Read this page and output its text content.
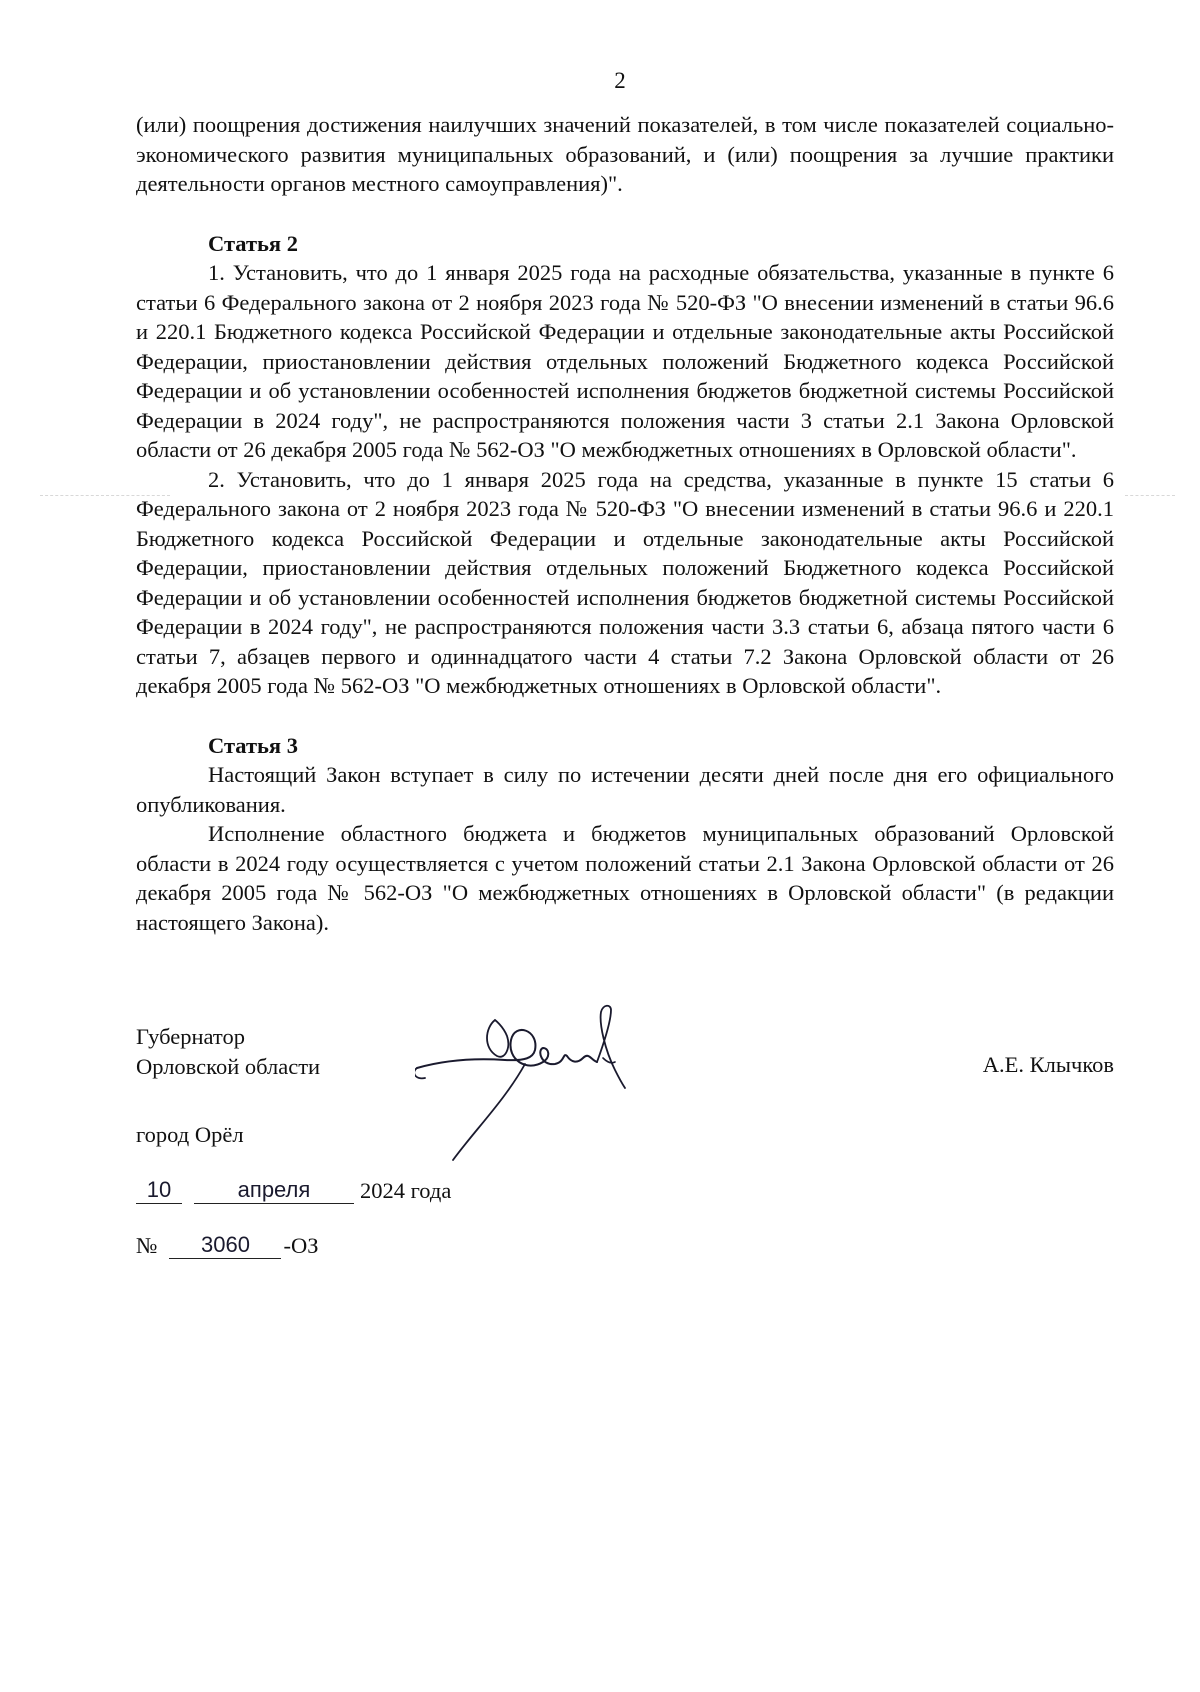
2

(или) поощрения достижения наилучших значений показателей, в том числе показателей социально-экономического развития муниципальных образований, и (или) поощрения за лучшие практики деятельности органов местного самоуправления)".

Статья 2

1. Установить, что до 1 января 2025 года на расходные обязательства, указанные в пункте 6 статьи 6 Федерального закона от 2 ноября 2023 года № 520-ФЗ "О внесении изменений в статьи 96.6 и 220.1 Бюджетного кодекса Российской Федерации и отдельные законодательные акты Российской Федерации, приостановлении действия отдельных положений Бюджетного кодекса Российской Федерации и об установлении особенностей исполнения бюджетов бюджетной системы Российской Федерации в 2024 году", не распространяются положения части 3 статьи 2.1 Закона Орловской области от 26 декабря 2005 года № 562-ОЗ "О межбюджетных отношениях в Орловской области".

2. Установить, что до 1 января 2025 года на средства, указанные в пункте 15 статьи 6 Федерального закона от 2 ноября 2023 года № 520-ФЗ "О внесении изменений в статьи 96.6 и 220.1 Бюджетного кодекса Российской Федерации и отдельные законодательные акты Российской Федерации, приостановлении действия отдельных положений Бюджетного кодекса Российской Федерации и об установлении особенностей исполнения бюджетов бюджетной системы Российской Федерации в 2024 году", не распространяются положения части 3.3 статьи 6, абзаца пятого части 6 статьи 7, абзацев первого и одиннадцатого части 4 статьи 7.2 Закона Орловской области от 26 декабря 2005 года № 562-ОЗ "О межбюджетных отношениях в Орловской области".

Статья 3

Настоящий Закон вступает в силу по истечении десяти дней после дня его официального опубликования.

Исполнение областного бюджета и бюджетов муниципальных образований Орловской области в 2024 году осуществляется с учетом положений статьи 2.1 Закона Орловской области от 26 декабря 2005 года № 562-ОЗ "О межбюджетных отношениях в Орловской области" (в редакции настоящего Закона).

Губернатор
Орловской области	А.Е. Клычков
город Орёл
10	апреля	2024 года
№	3060	-ОЗ
